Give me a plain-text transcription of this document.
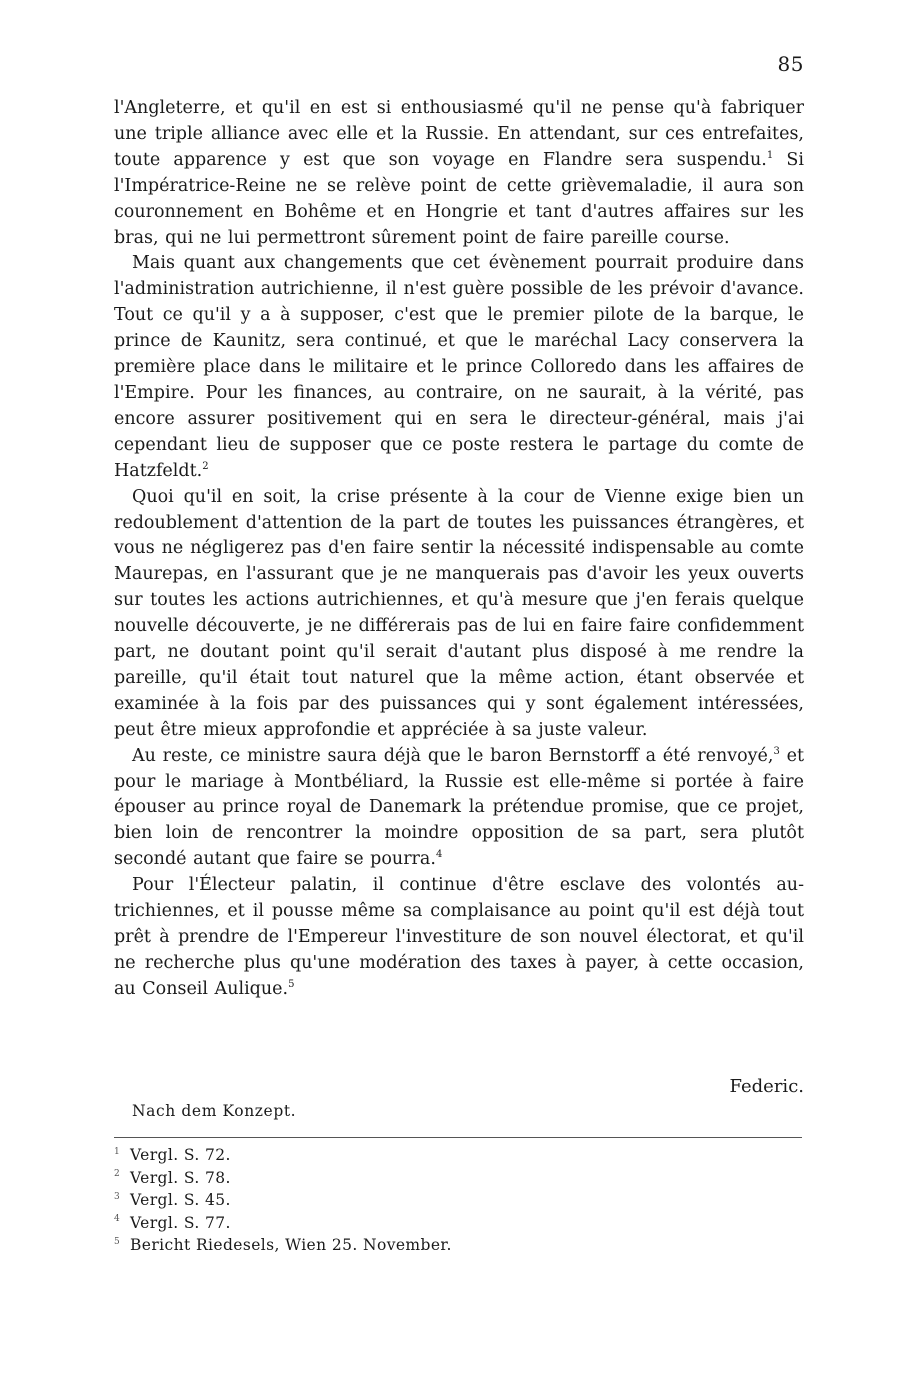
85

l'Angleterre, et qu'il en est si enthousiasmé qu'il ne pense qu'à fabriquer une triple alliance avec elle et la Russie. En attendant, sur ces entrefaites, toute apparence y est que son voyage en Flandre sera suspendu.$^1$ Si l'Impératrice-Reine ne se relève point de cette grièvemaladie, il aura son couronnement en Bohême et en Hongrie et tant d'autres affaires sur les bras, qui ne lui permettront sûrement point de faire pareille course.

Mais quant aux changements que cet évènement pourrait produire dans l'administration autrichienne, il n'est guère possible de les prévoir d'avance. Tout ce qu'il y a à supposer, c'est que le premier pilote de la barque, le prince de Kaunitz, sera continué, et que le maréchal Lacy conservera la première place dans le militaire et le prince Colloredo dans les affaires de l'Empire. Pour les finances, au contraire, on ne saurait, à la vérité, pas encore assurer positivement qui en sera le directeur-général, mais j'ai cependant lieu de supposer que ce poste restera le partage du comte de Hatzfeldt.$^2$

Quoi qu'il en soit, la crise présente à la cour de Vienne exige bien un redoublement d'attention de la part de toutes les puissances étrangères, et vous ne négligerez pas d'en faire sentir la nécessité indispensable au comte Maurepas, en l'assurant que je ne manquerais pas d'avoir les yeux ouverts sur toutes les actions autrichiennes, et qu'à mesure que j'en ferais quelque nouvelle découverte, je ne différerais pas de lui en faire faire confidemment part, ne doutant point qu'il serait d'autant plus disposé à me rendre la pareille, qu'il était tout naturel que la même action, étant observée et examinée à la fois par des puissances qui y sont également intéressées, peut être mieux approfondie et appréciée à sa juste valeur.

Au reste, ce ministre saura déjà que le baron Bernstorff a été renvoyé,$^3$ et pour le mariage à Montbéliard, la Russie est elle-même si portée à faire épouser au prince royal de Danemark la prétendue promise, que ce projet, bien loin de rencontrer la moindre opposition de sa part, sera plutôt secondé autant que faire se pourra.$^4$

Pour l'Électeur palatin, il continue d'être esclave des volontés autrichiennes, et il pousse même sa complaisance au point qu'il est déjà tout prêt à prendre de l'Empereur l'investiture de son nouvel électorat, et qu'il ne recherche plus qu'une modération des taxes à payer, à cette occasion, au Conseil Aulique.$^5$

Federic.
Nach dem Konzept.
1 Vergl. S. 72.
2 Vergl. S. 78.
3 Vergl. S. 45.
4 Vergl. S. 77.
5 Bericht Riedesels, Wien 25. November.
